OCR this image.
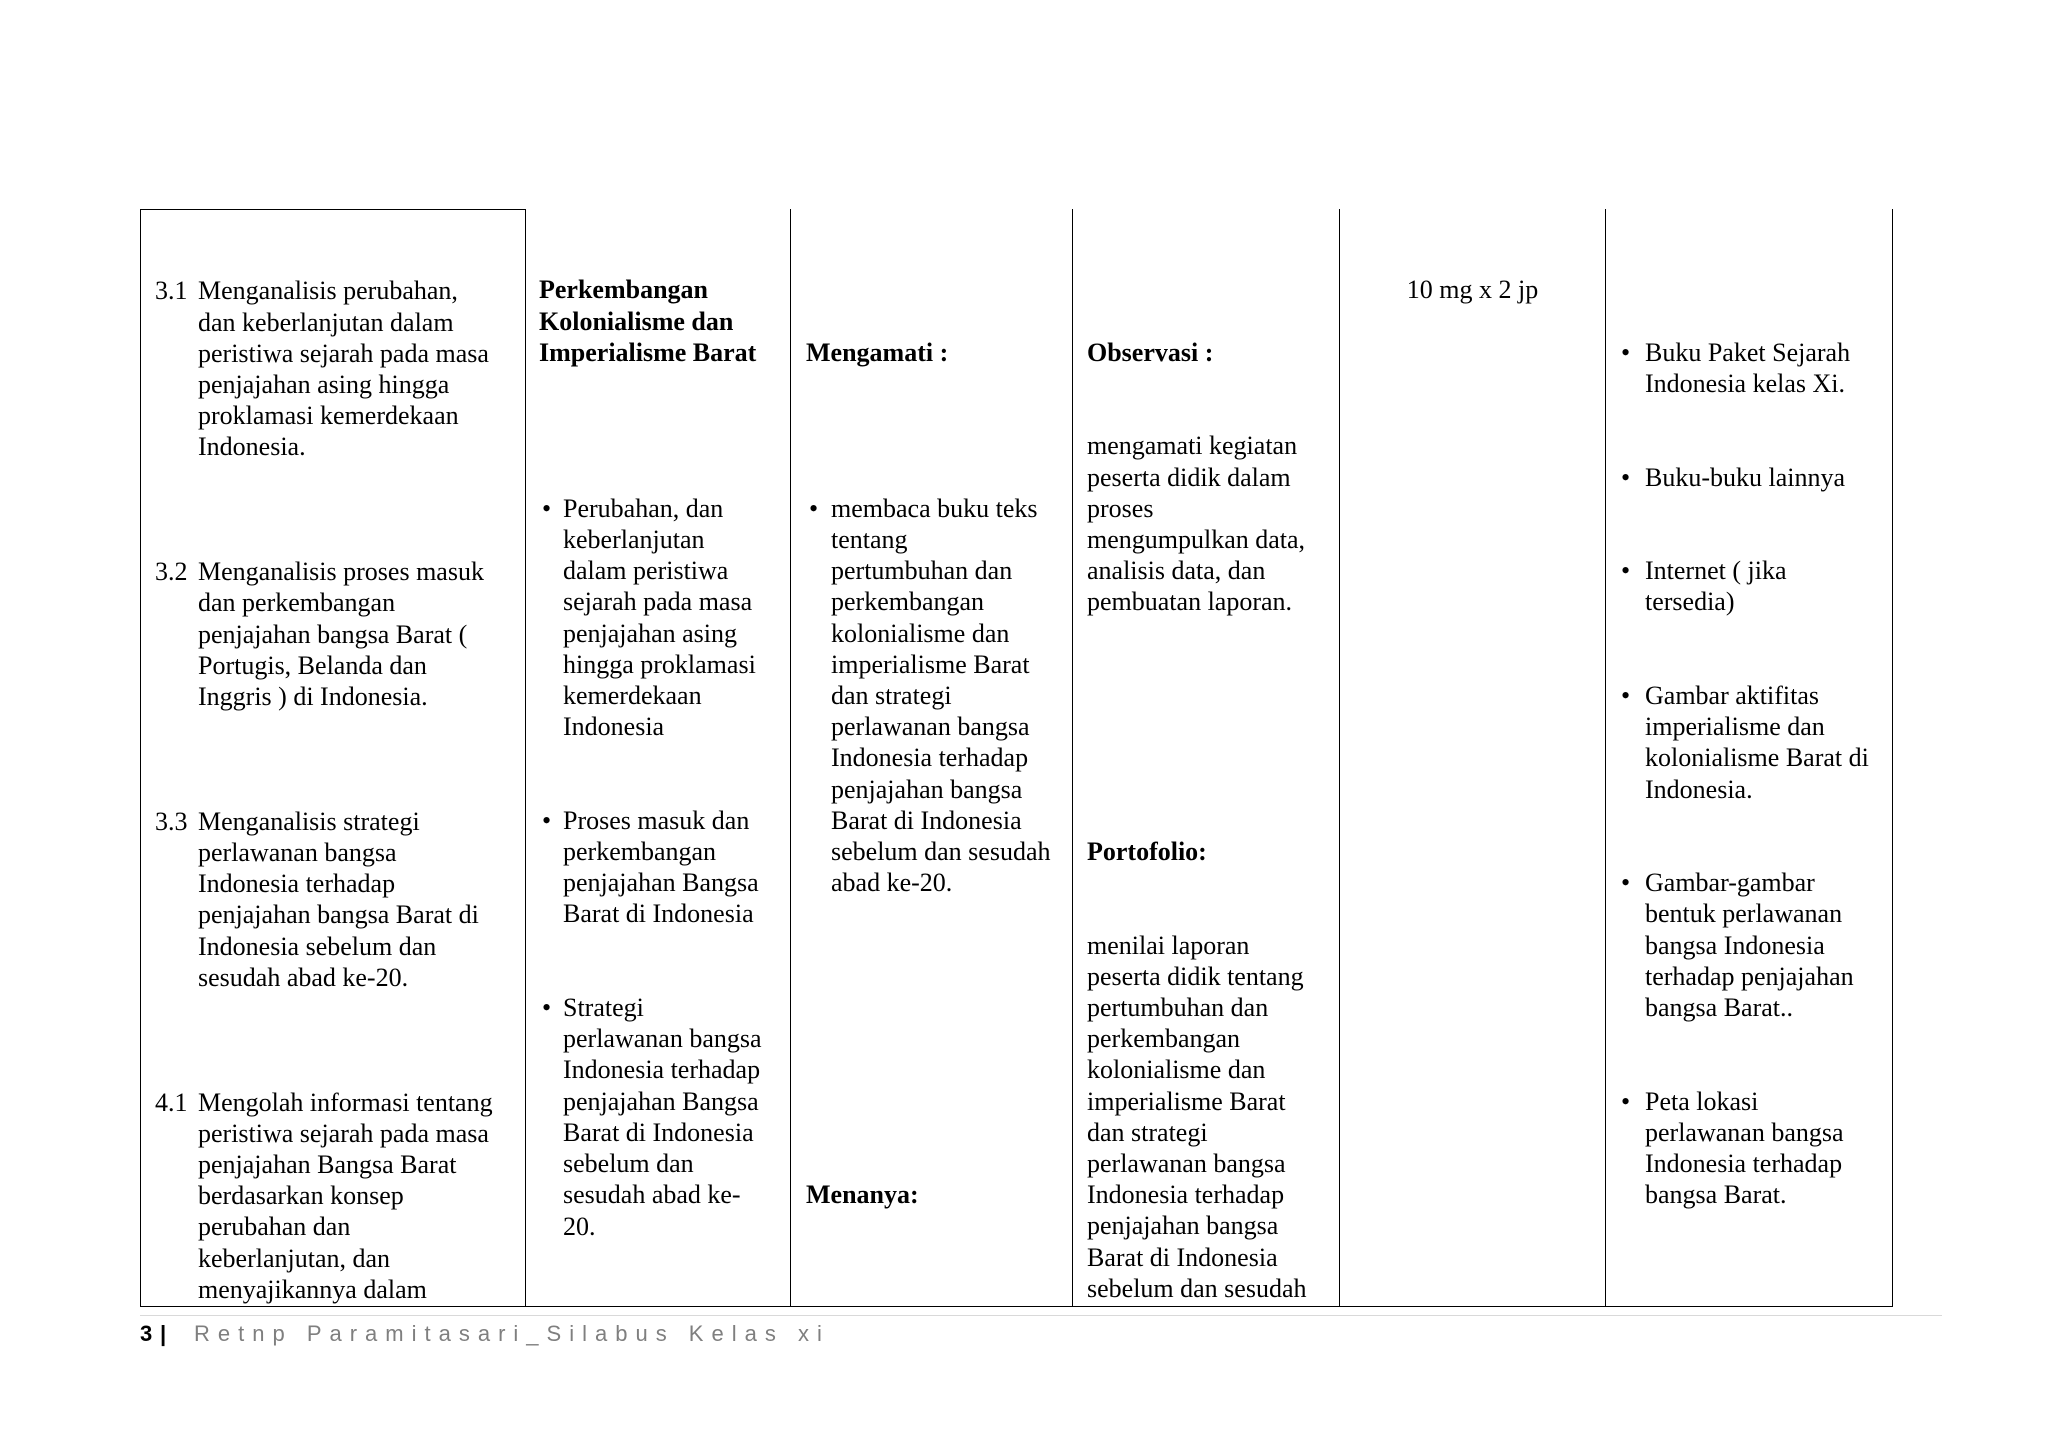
3.1 Menganalisis perubahan,
dan keberlanjutan dalam
peristiwa sejarah pada masa
penjajahan asing hingga
proklamasi kemerdekaan
Indonesia.

3.2 Menganalisis proses masuk
dan perkembangan
penjajahan bangsa Barat (
Portugis, Belanda dan
Inggris ) di Indonesia.

3.3 Menganalisis strategi
perlawanan bangsa
Indonesia terhadap
penjajahan bangsa Barat di
Indonesia sebelum dan
sesudah abad ke-20.

4.1 Mengolah informasi tentang
peristiwa sejarah pada masa
penjajahan Bangsa Barat
berdasarkan konsep
perubahan dan
keberlanjutan, dan
menyajikannya dalam

Perkembangan
Kolonialisme dan
Imperialisme Barat

• Perubahan, dan
keberlanjutan
dalam peristiwa
sejarah pada masa
penjajahan asing
hingga proklamasi
kemerdekaan
Indonesia

• Proses masuk dan
perkembangan
penjajahan Bangsa
Barat di Indonesia

• Strategi
perlawanan bangsa
Indonesia terhadap
penjajahan Bangsa
Barat di Indonesia
sebelum dan
sesudah abad ke-
20.

Mengamati :

• membaca buku teks
tentang
pertumbuhan dan
perkembangan
kolonialisme dan
imperialisme Barat
dan strategi
perlawanan bangsa
Indonesia terhadap
penjajahan bangsa
Barat di Indonesia
sebelum dan sesudah
abad ke-20.

Menanya:

Observasi :

mengamati kegiatan
peserta didik dalam
proses
mengumpulkan data,
analisis data, dan
pembuatan laporan.

Portofolio:

menilai laporan
peserta didik tentang
pertumbuhan dan
perkembangan
kolonialisme dan
imperialisme Barat
dan strategi
perlawanan bangsa
Indonesia terhadap
penjajahan bangsa
Barat di Indonesia
sebelum dan sesudah

10 mg x 2 jp

• Buku Paket Sejarah
Indonesia kelas Xi.

• Buku-buku lainnya

• Internet ( jika
tersedia)

• Gambar aktifitas
imperialisme dan
kolonialisme Barat di
Indonesia.

• Gambar-gambar
bentuk perlawanan
bangsa Indonesia
terhadap penjajahan
bangsa Barat..

• Peta lokasi
perlawanan bangsa
Indonesia terhadap
bangsa Barat.

3 | Retnp Paramitasari_Silabus Kelas xi
